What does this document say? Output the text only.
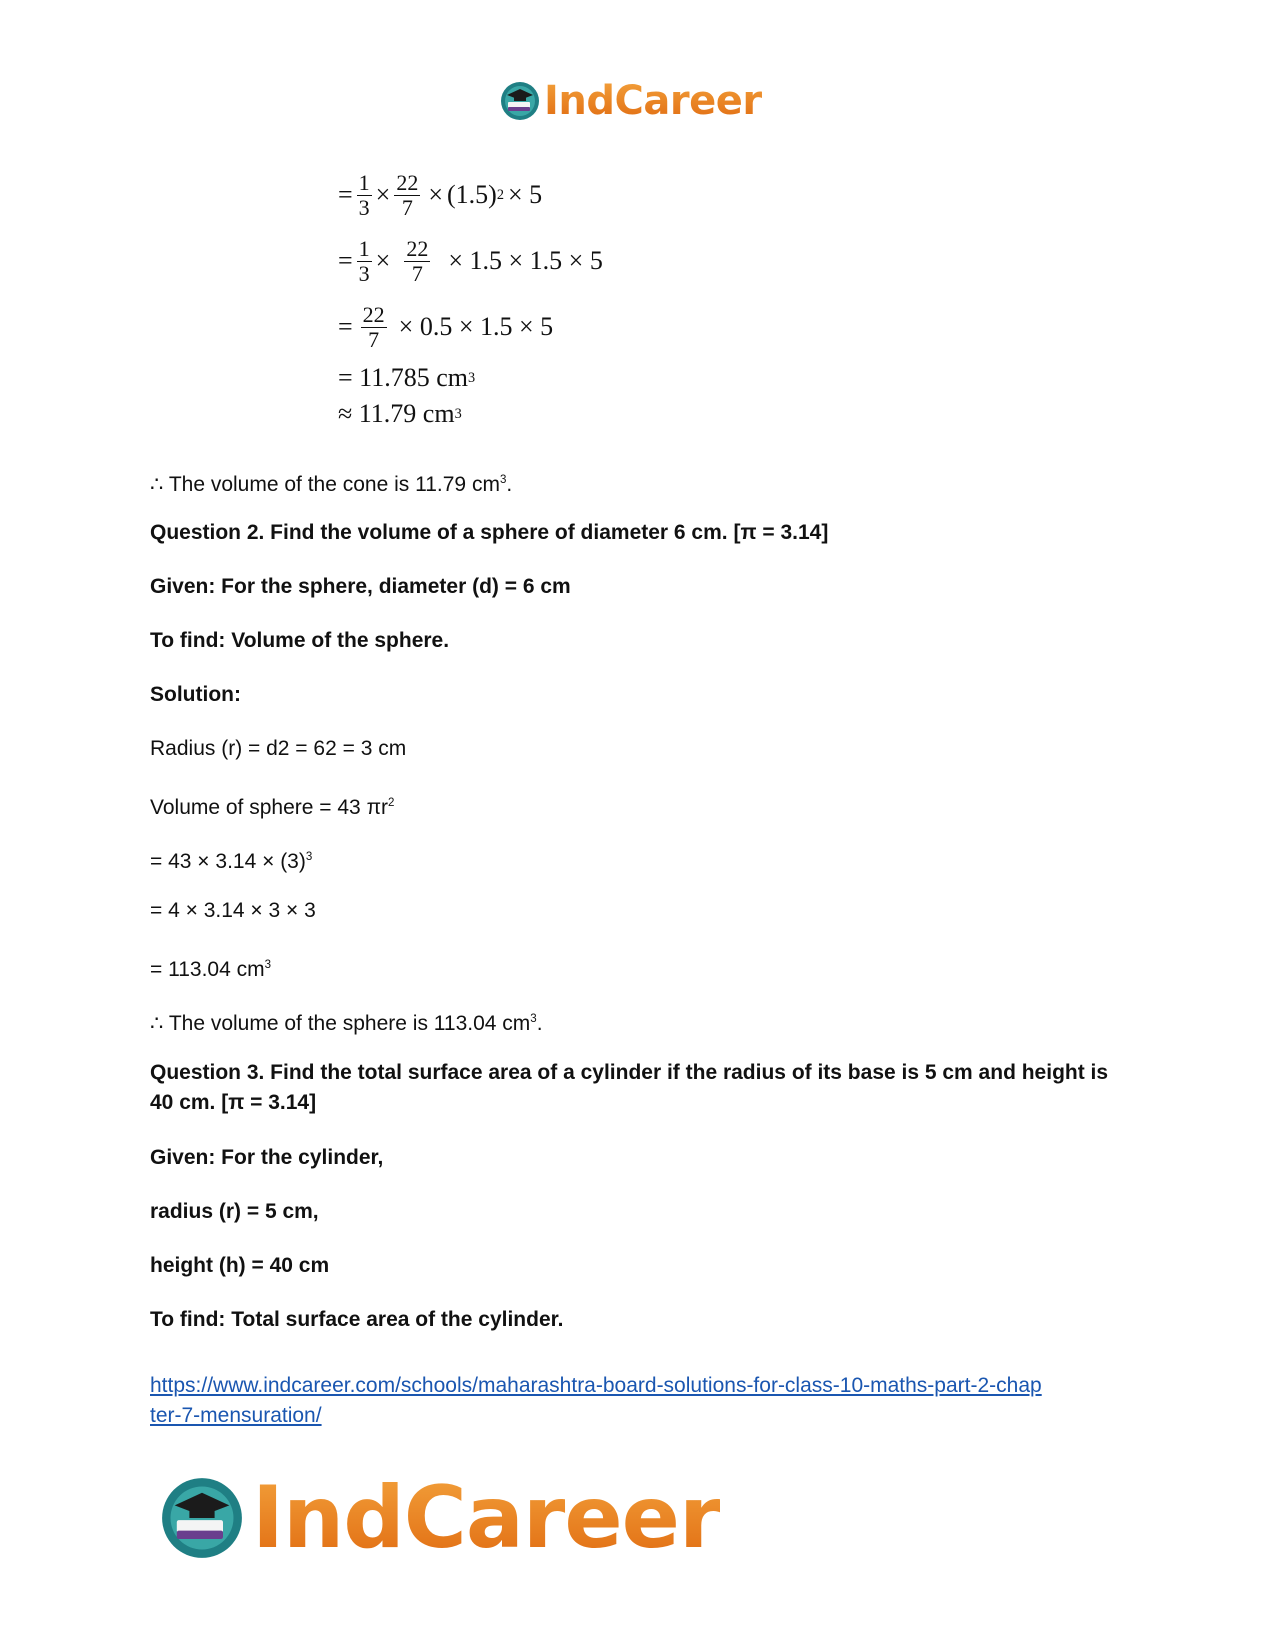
IndCareer
= $\frac{1}{3} \times \frac{22}{7} \times (1.5) 2 \times 5$
= $\frac{1}{3} \times \frac{22}{7} \times 1.5 \times 1.5 \times 5$
= $\frac{22}{7} \times 0.5 \times 1.5 \times 5$
= 11.785 cm 3
≈ 11.79 cm 3
∴ The volume of the cone is 11.79 $cm^3$.
Question 2. Find the volume of a sphere of diameter 6 cm. [π = 3.14]
Given: For the sphere, diameter (d) = 6 cm
To find: Volume of the sphere.
Solution:
Radius (r) = d2 = 62 = 3 cm
Volume of sphere = 43 $\pi r^2$
= $43 \times 3.14 \times (3)^3$
= 4 × 3.14 × 3 × 3
= 113.04 $cm^3$
∴ The volume of the sphere is 113.04 $cm^3$.
Question 3. Find the total surface area of a cylinder if the radius of its base is 5 cm and height is 40 cm. [π = 3.14]
Given: For the cylinder,
radius (r) = 5 cm,
height (h) = 40 cm
To find: Total surface area of the cylinder.
https://www.indcareer.com/schools/maharashtra-board-solutions-for-class-10-maths-part-2-chap
ter-7-mensuration/
IndCareer
